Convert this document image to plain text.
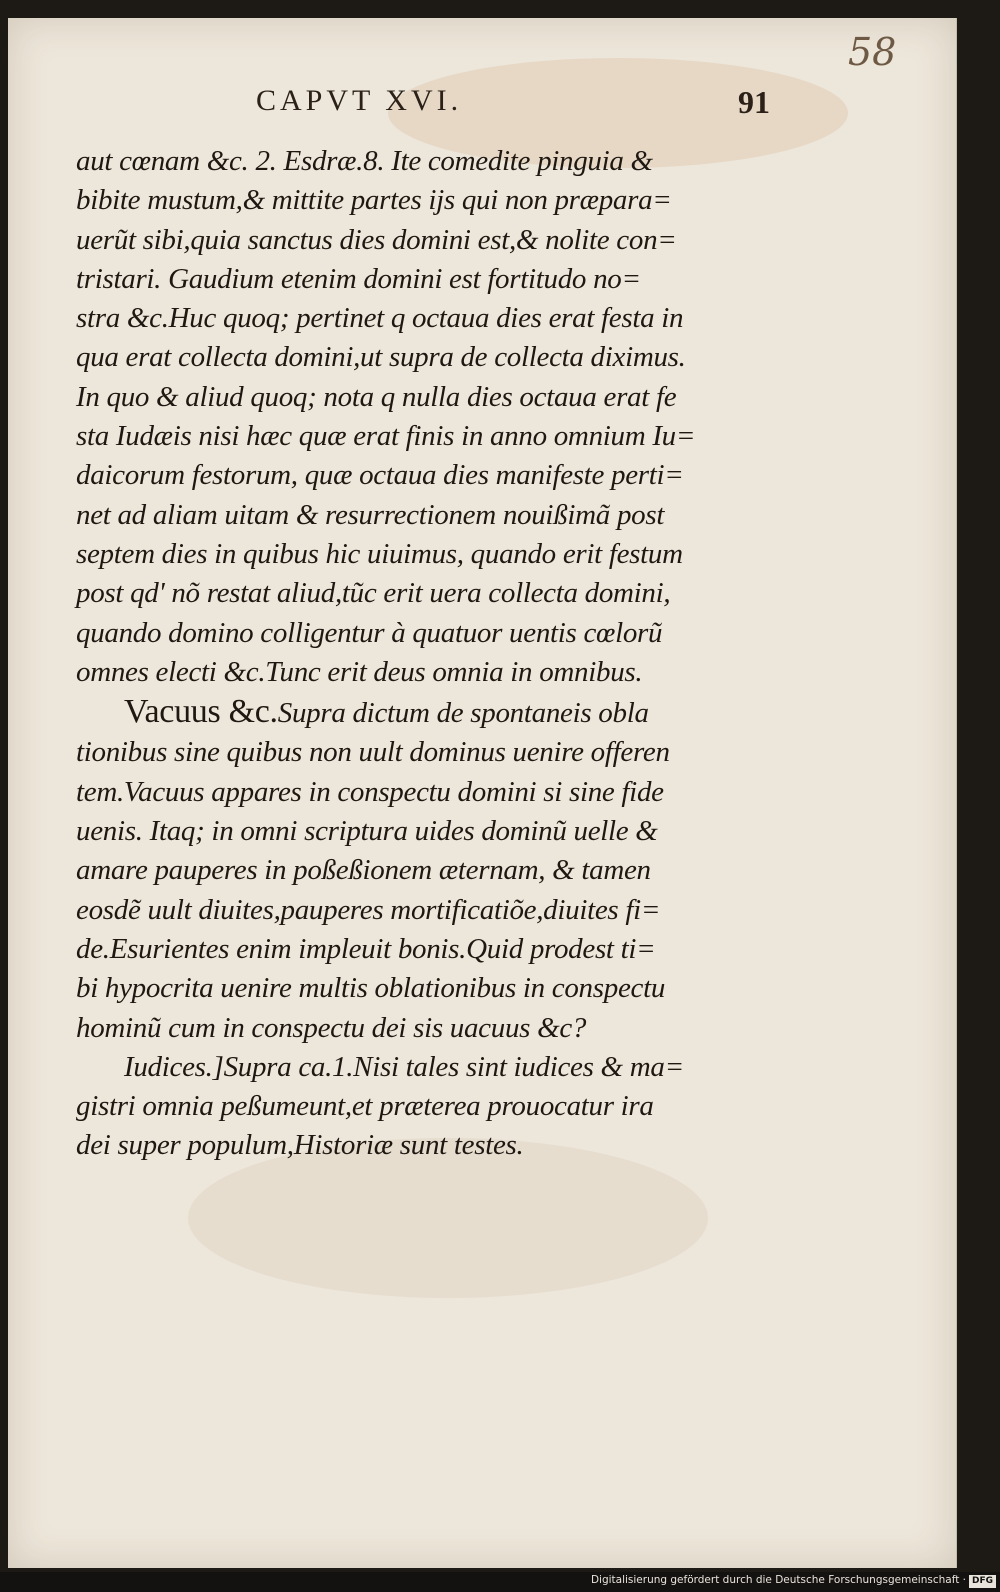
58
CAPVT XVI.	91
aut cœnam &c. 2. Esdræ.8. Ite comedite pinguia &
bibite mustum,& mittite partes ijs qui non præpara=
uerũt sibi,quia sanctus dies domini est,& nolite con=
tristari. Gaudium etenim domini est fortitudo no=
stra &c.Huc quoq; pertinet q octaua dies erat festa in
qua erat collecta domini,ut supra de collecta diximus.
In quo & aliud quoq; nota q nulla dies octaua erat fe
sta Iudæis nisi hæc quæ erat finis in anno omnium Iu=
daicorum festorum, quæ octaua dies manifeste perti=
net ad aliam uitam & resurrectionem nouißimã post
septem dies in quibus hic uiuimus, quando erit festum
post qd' nõ restat aliud,tũc erit uera collecta domini,
quando domino colligentur à quatuor uentis cœlorũ
omnes electi &c.Tunc erit deus omnia in omnibus.
Vacuus &c.Supra dictum de spontaneis obla
tionibus sine quibus non uult dominus uenire offeren
tem.Vacuus appares in conspectu domini si sine fide
uenis. Itaq; in omni scriptura uides dominũ uelle &
amare pauperes in poßeßionem æternam, & tamen
eosdẽ uult diuites,pauperes mortificatiõe,diuites fi=
de.Esurientes enim impleuit bonis.Quid prodest ti=
bi hypocrita uenire multis oblationibus in conspectu
hominũ cum in conspectu dei sis uacuus &c?
Iudices.]Supra ca.1.Nisi tales sint iudices & ma=
gistri omnia peßumeunt,et præterea prouocatur ira
dei super populum,Historiæ sunt testes.
Digitalisierung gefördert durch die Deutsche Forschungsgemeinschaft · DFG
